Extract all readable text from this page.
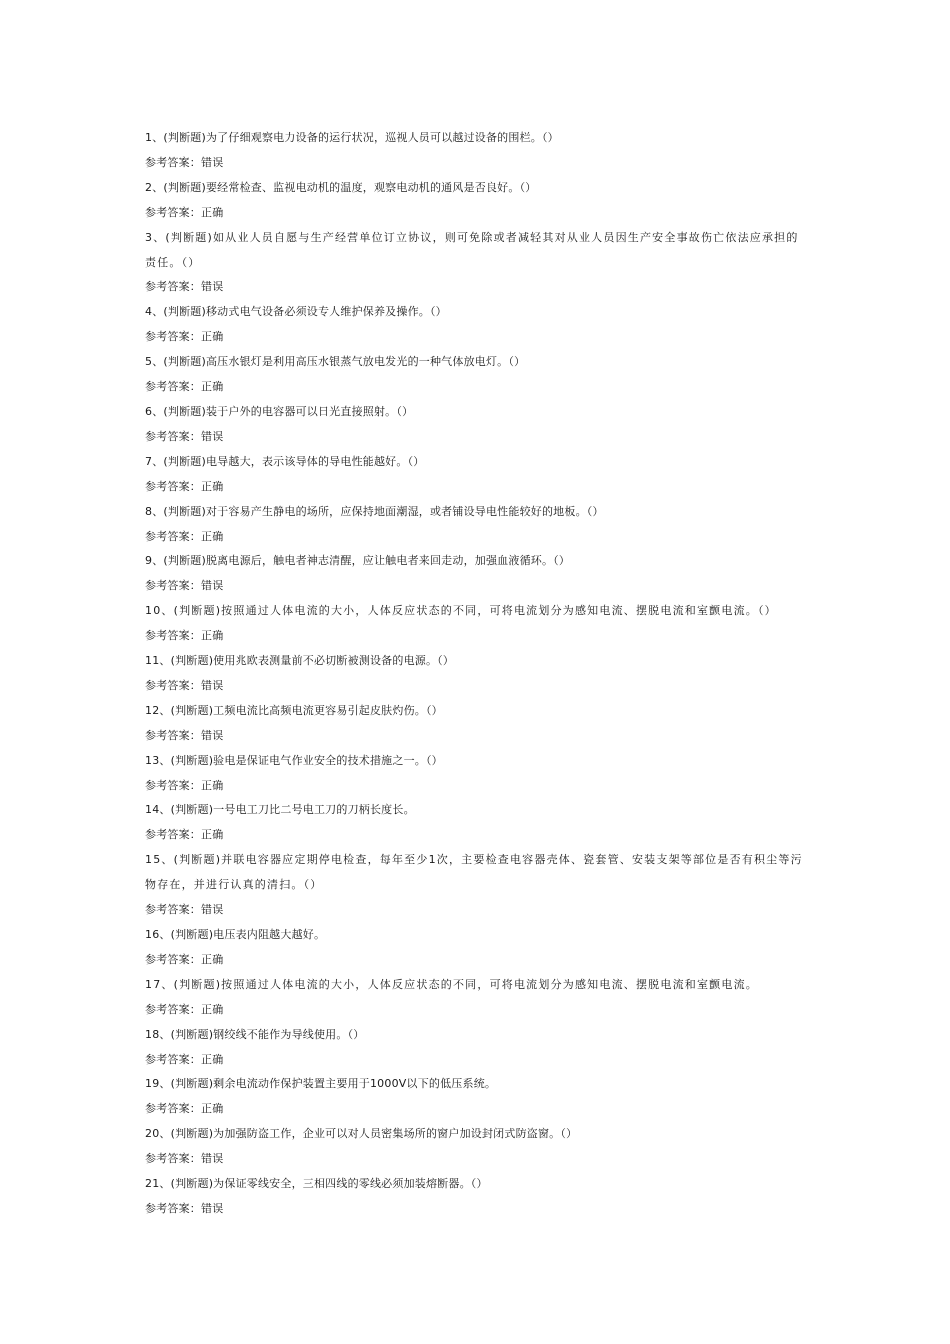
1、(判断题)为了仔细观察电力设备的运行状况，巡视人员可以越过设备的围栏。（）
参考答案：错误
2、(判断题)要经常检查、监视电动机的温度，观察电动机的通风是否良好。（）
参考答案：正确
3、(判断题)如从业人员自愿与生产经营单位订立协议，则可免除或者减轻其对从业人员因生产安全事故伤亡依法应承担的责任。（）
参考答案：错误
4、(判断题)移动式电气设备必须设专人维护保养及操作。（）
参考答案：正确
5、(判断题)高压水银灯是利用高压水银蒸气放电发光的一种气体放电灯。（）
参考答案：正确
6、(判断题)装于户外的电容器可以日光直接照射。（）
参考答案：错误
7、(判断题)电导越大，表示该导体的导电性能越好。（）
参考答案：正确
8、(判断题)对于容易产生静电的场所，应保持地面潮湿，或者铺设导电性能较好的地板。（）
参考答案：正确
9、(判断题)脱离电源后，触电者神志清醒，应让触电者来回走动，加强血液循环。（）
参考答案：错误
10、(判断题)按照通过人体电流的大小，人体反应状态的不同，可将电流划分为感知电流、摆脱电流和室颤电流。（）
参考答案：正确
11、(判断题)使用兆欧表测量前不必切断被测设备的电源。（）
参考答案：错误
12、(判断题)工频电流比高频电流更容易引起皮肤灼伤。（）
参考答案：错误
13、(判断题)验电是保证电气作业安全的技术措施之一。（）
参考答案：正确
14、(判断题)一号电工刀比二号电工刀的刀柄长度长。
参考答案：正确
15、(判断题)并联电容器应定期停电检查，每年至少1次，主要检查电容器壳体、瓷套管、安装支架等部位是否有积尘等污物存在，并进行认真的清扫。（）
参考答案：错误
16、(判断题)电压表内阻越大越好。
参考答案：正确
17、(判断题)按照通过人体电流的大小，人体反应状态的不同，可将电流划分为感知电流、摆脱电流和室颤电流。
参考答案：正确
18、(判断题)钢绞线不能作为导线使用。（）
参考答案：正确
19、(判断题)剩余电流动作保护装置主要用于1000V以下的低压系统。
参考答案：正确
20、(判断题)为加强防盗工作，企业可以对人员密集场所的窗户加设封闭式防盗窗。（）
参考答案：错误
21、(判断题)为保证零线安全，三相四线的零线必须加装熔断器。（）
参考答案：错误
